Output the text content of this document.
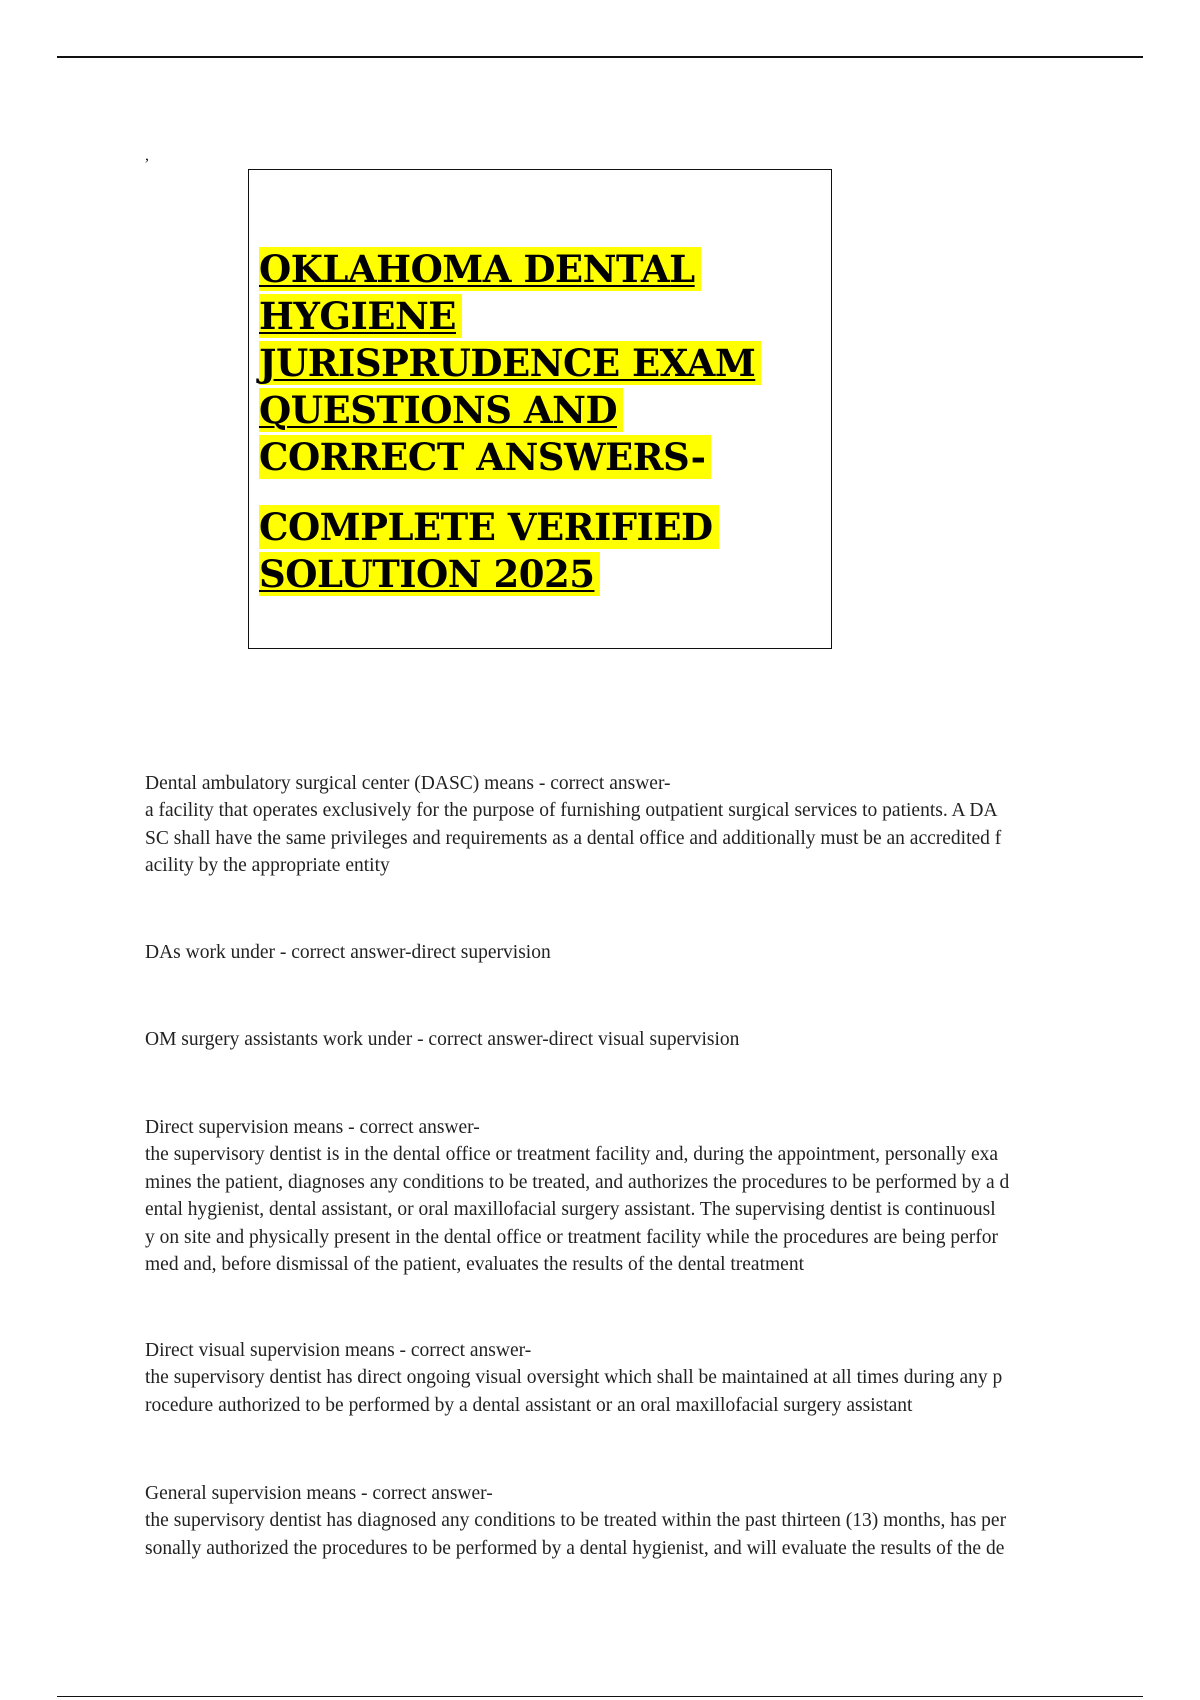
,
OKLAHOMA DENTAL
HYGIENE
JURISPRUDENCE EXAM
QUESTIONS AND
CORRECT ANSWERS-
COMPLETE VERIFIED
SOLUTION 2025

Dental ambulatory surgical center (DASC) means - correct answer-

a facility that operates exclusively for the purpose of furnishing outpatient surgical services to patients. A DA

SC shall have the same privileges and requirements as a dental office and additionally must be an accredited f

acility by the appropriate entity

DAs work under - correct answer-direct supervision

OM surgery assistants work under - correct answer-direct visual supervision

Direct supervision means - correct answer-

the supervisory dentist is in the dental office or treatment facility and, during the appointment, personally exa

mines the patient, diagnoses any conditions to be treated, and authorizes the procedures to be performed by a d

ental hygienist, dental assistant, or oral maxillofacial surgery assistant. The supervising dentist is continuousl

y on site and physically present in the dental office or treatment facility while the procedures are being perfor

med and, before dismissal of the patient, evaluates the results of the dental treatment

Direct visual supervision means - correct answer-

the supervisory dentist has direct ongoing visual oversight which shall be maintained at all times during any p

rocedure authorized to be performed by a dental assistant or an oral maxillofacial surgery assistant

General supervision means - correct answer-

the supervisory dentist has diagnosed any conditions to be treated within the past thirteen (13) months, has per

sonally authorized the procedures to be performed by a dental hygienist, and will evaluate the results of the de
